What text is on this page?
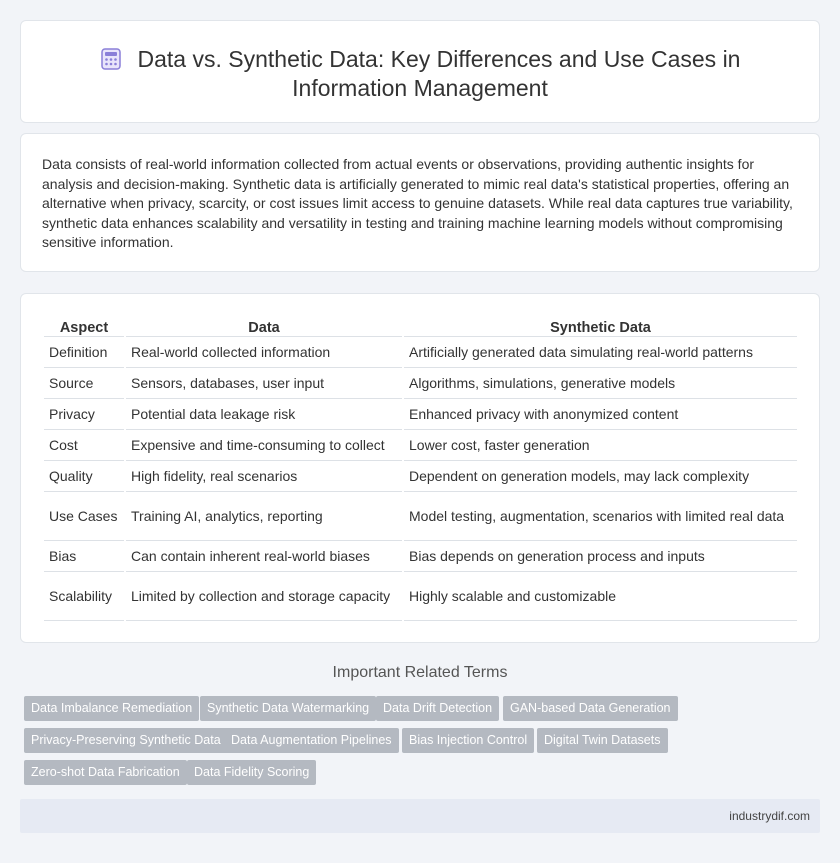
Data vs. Synthetic Data: Key Differences and Use Cases in
Information Management

Data consists of real-world information collected from actual events or observations, providing authentic insights for analysis and decision-making. Synthetic data is artificially generated to mimic real data's statistical properties, offering an alternative when privacy, scarcity, or cost issues limit access to genuine datasets. While real data captures true variability, synthetic data enhances scalability and versatility in testing and training machine learning models without compromising sensitive information.

Aspect	Data	Synthetic Data
Definition	Real-world collected information	Artificially generated data simulating real-world patterns
Source	Sensors, databases, user input	Algorithms, simulations, generative models
Privacy	Potential data leakage risk	Enhanced privacy with anonymized content
Cost	Expensive and time-consuming to collect	Lower cost, faster generation
Quality	High fidelity, real scenarios	Dependent on generation models, may lack complexity
Use Cases	Training AI, analytics, reporting	Model testing, augmentation, scenarios with limited real data
Bias	Can contain inherent real-world biases	Bias depends on generation process and inputs
Scalability	Limited by collection and storage capacity	Highly scalable and customizable
Important Related Terms
Data Imbalance Remediation	Synthetic Data Watermarking	Data Drift Detection	GAN-based Data Generation
Privacy-Preserving Synthetic Data Data Augmentation Pipelines	Bias Injection Control	Digital Twin Datasets
Zero-shot Data Fabrication	Data Fidelity Scoring
industrydif.com
